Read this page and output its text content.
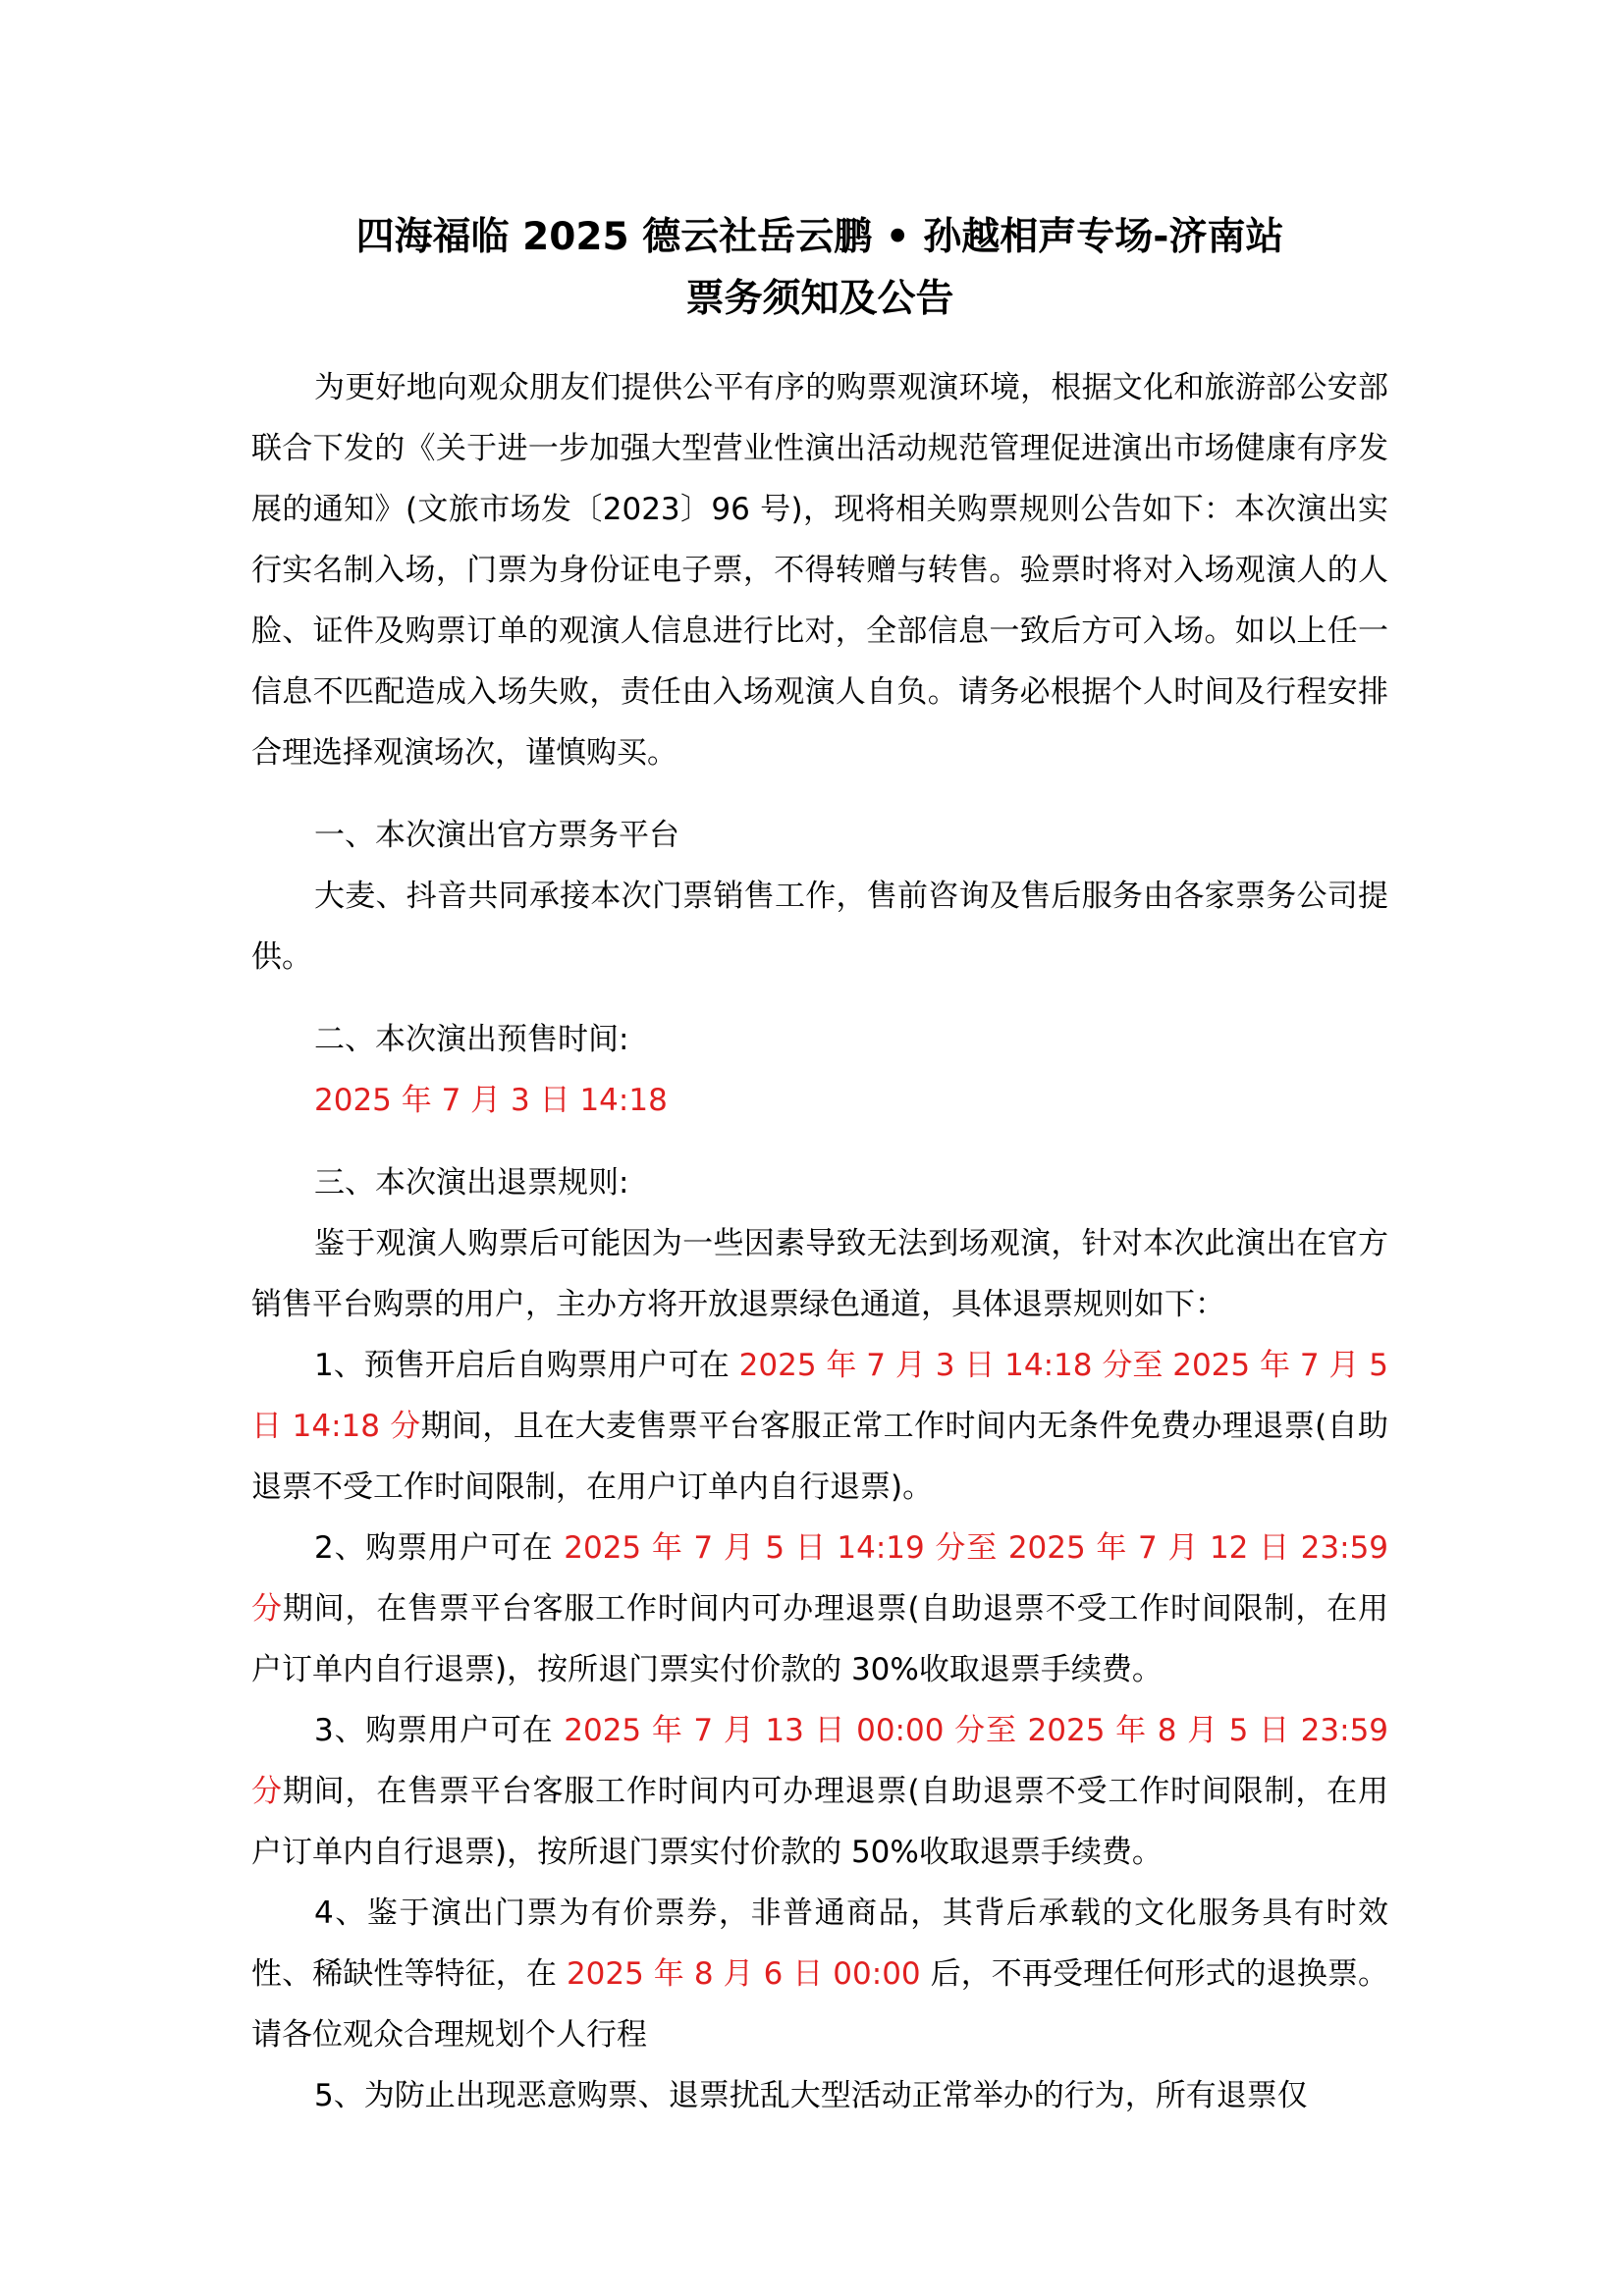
四海福临 2025 德云社岳云鹏 • 孙越相声专场-济南站
票务须知及公告

为更好地向观众朋友们提供公平有序的购票观演环境，根据文化和旅游部公安部联合下发的《关于进一步加强大型营业性演出活动规范管理促进演出市场健康有序发展的通知》(文旅市场发〔2023〕96 号)，现将相关购票规则公告如下：本次演出实行实名制入场，门票为身份证电子票，不得转赠与转售。验票时将对入场观演人的人脸、证件及购票订单的观演人信息进行比对，全部信息一致后方可入场。如以上任一信息不匹配造成入场失败，责任由入场观演人自负。请务必根据个人时间及行程安排合理选择观演场次，谨慎购买。

一、本次演出官方票务平台

大麦、抖音共同承接本次门票销售工作，售前咨询及售后服务由各家票务公司提供。

二、本次演出预售时间:

2025 年 7 月 3 日 14:18

三、本次演出退票规则:

鉴于观演人购票后可能因为一些因素导致无法到场观演，针对本次此演出在官方销售平台购票的用户，主办方将开放退票绿色通道，具体退票规则如下：

1、预售开启后自购票用户可在 2025 年 7 月 3 日 14:18 分至 2025 年 7 月 5 日 14:18 分期间，且在大麦售票平台客服正常工作时间内无条件免费办理退票(自助退票不受工作时间限制，在用户订单内自行退票)。

2、购票用户可在 2025 年 7 月 5 日 14:19 分至 2025 年 7 月 12 日 23:59 分期间，在售票平台客服工作时间内可办理退票(自助退票不受工作时间限制，在用户订单内自行退票)，按所退门票实付价款的 30%收取退票手续费。

3、购票用户可在 2025 年 7 月 13 日 00:00 分至 2025 年 8 月 5 日 23:59 分期间，在售票平台客服工作时间内可办理退票(自助退票不受工作时间限制，在用户订单内自行退票)，按所退门票实付价款的 50%收取退票手续费。

4、鉴于演出门票为有价票券，非普通商品，其背后承载的文化服务具有时效性、稀缺性等特征，在 2025 年 8 月 6 日 00:00 后，不再受理任何形式的退换票。请各位观众合理规划个人行程

5、为防止出现恶意购票、退票扰乱大型活动正常举办的行为，所有退票仅
